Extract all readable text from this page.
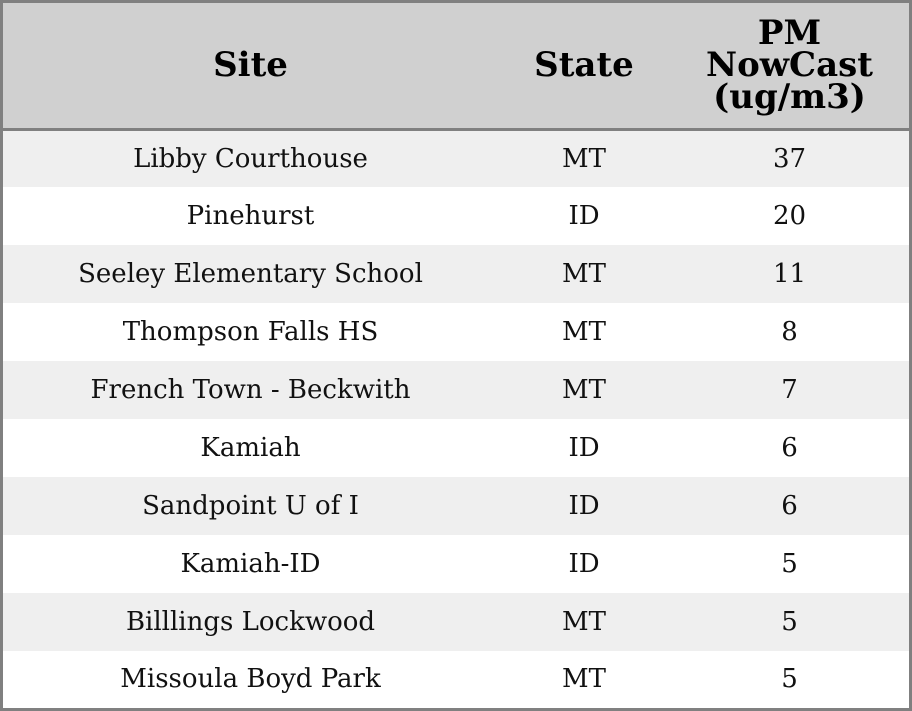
Site	State	PM
NowCast
(ug/m3)

Libby Courthouse	MT	37
Pinehurst	ID	20
Seeley Elementary School	MT	11
Thompson Falls HS	MT	8
French Town - Beckwith	MT	7
Kamiah	ID	6
Sandpoint U of I	ID	6
Kamiah-ID	ID	5
Billlings Lockwood	MT	5
Missoula Boyd Park	MT	5
